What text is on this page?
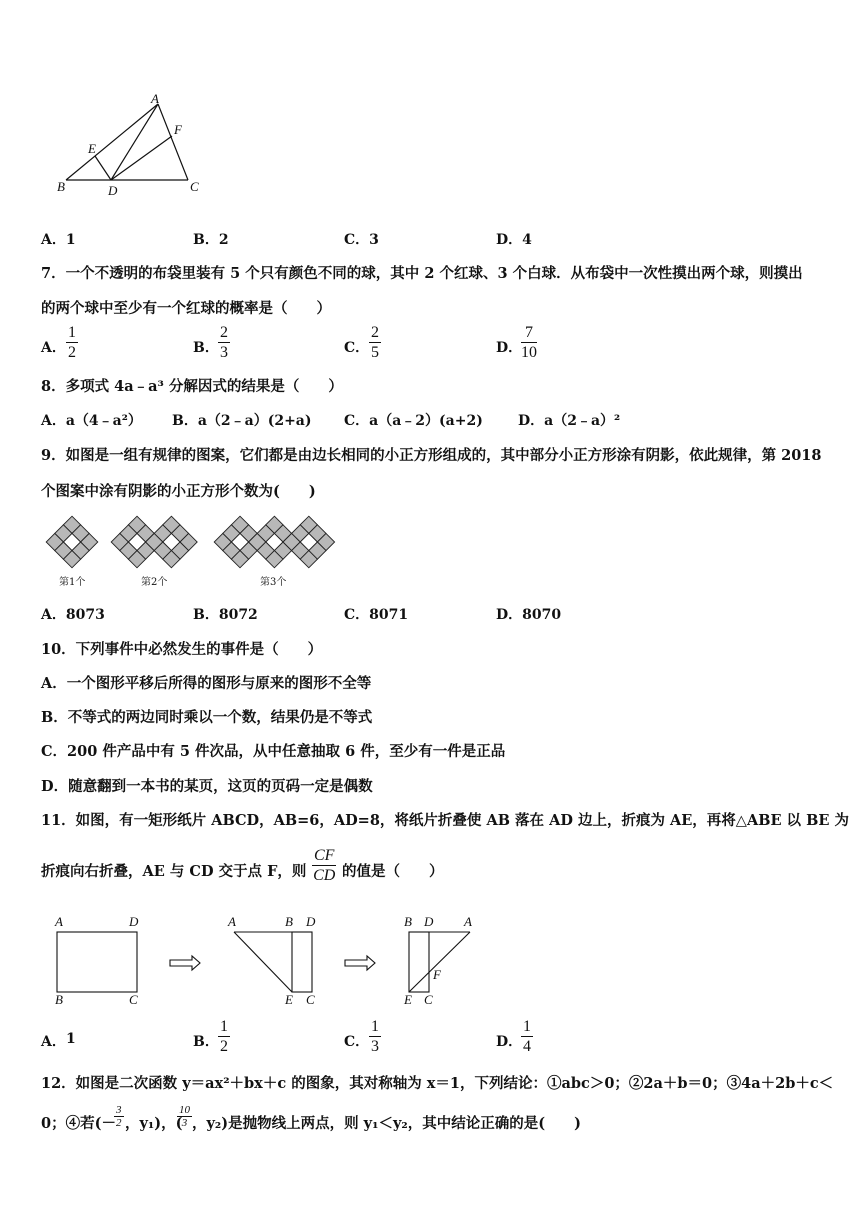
A
E
F
B	D	C
A．1	B．2	C．3	D．4
7．一个不透明的布袋里装有 5 个只有颜色不同的球，其中 2 个红球、3 个白球．从布袋中一次性摸出两个球，则摸出
的两个球中至少有一个红球的概率是（　　）
A． $\frac{1}{2}$	B． $\frac{2}{3}$	C． $\frac{2}{5}$	D．
$\frac{7}{10}$
8．多项式 4a﹣a³ 分解因式的结果是（　　）
A．a（4﹣a²） B．a（2﹣a）(2+a) C．a（a﹣2）(a+2)	D．a（2﹣a）²
9．如图是一组有规律的图案，它们都是由边长相同的小正方形组成的，其中部分小正方形涂有阴影，依此规律，第 2018
个图案中涂有阴影的小正方形个数为(　　)
第1个	第2个	第3个
A．8073	B．8072	C．8071	D．8070
10．下列事件中必然发生的事件是（　　）
A．一个图形平移后所得的图形与原来的图形不全等
B．不等式的两边同时乘以一个数，结果仍是不等式
C．200 件产品中有 5 件次品，从中任意抽取 6 件，至少有一件是正品
D．随意翻到一本书的某页，这页的页码一定是偶数
11．如图，有一矩形纸片 ABCD，AB=6，AD=8，将纸片折叠使 AB 落在 AD 边上，折痕为 AE，再将△ABE 以 BE 为
折痕向右折叠，AE 与 CD 交于点 F，则 $\frac{CF}{CD}$ 的值是（　　）
A	D
B	C
A	B D
E C
B D A
F
E C
A． 1	B． $\frac{1}{2}$	C． $\frac{1}{3}$	D．
$\frac{1}{4}$
12．如图是二次函数 y＝ax²＋bx＋c 的图象，其对称轴为 x＝1，下列结论：①abc＞0；②2a＋b＝0；③4a＋2b＋c＜
0；④若(－
$\frac{3}{2}$ ，y₁)，(
$\frac{10}{3}$ ，y₂)是抛物线上两点，则 y₁＜y₂，其中结论正确的是(　　)
